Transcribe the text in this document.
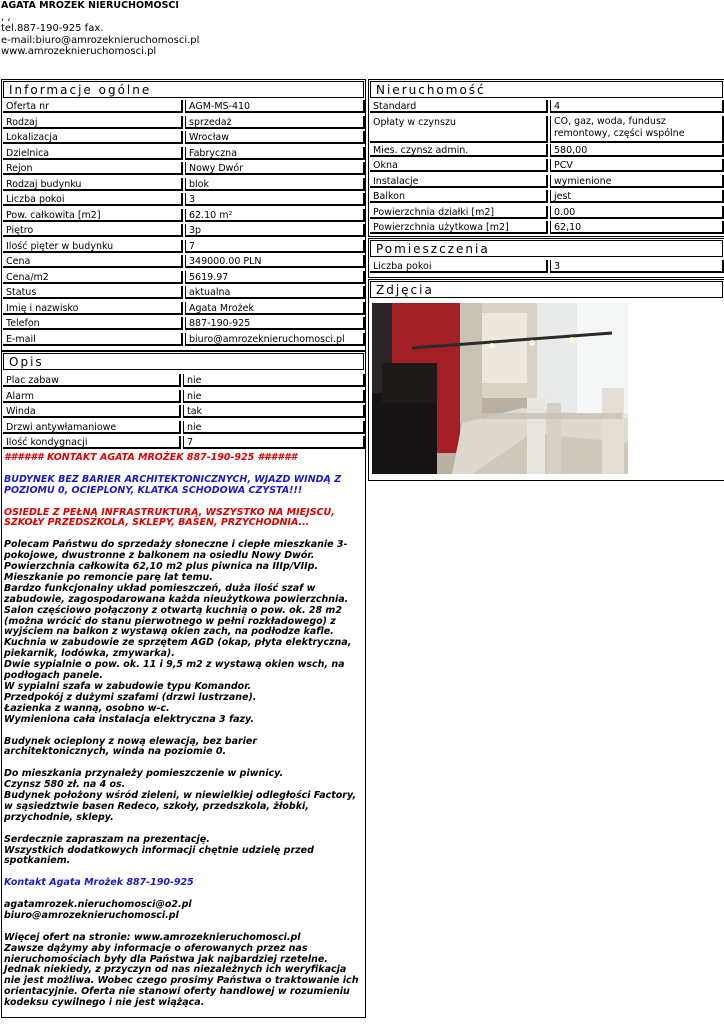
AGATA MROŻEK NIERUCHOMOŚCI
, ,
tel.887-190-925 fax.
e-mail:biuro@amrozeknieruchomosci.pl
www.amrozeknieruchomosci.pl
Informacje ogólne
Oferta nr	AGM-MS-410
Rodzaj	sprzedaż
Lokalizacja	Wrocław
Dzielnica	Fabryczna
Rejon	Nowy Dwór
Rodzaj budynku	blok
Liczba pokoi	3
Pow. całkowita [m2]	62.10 m²
Piętro	3p
Ilość pięter w budynku	7
Cena	349000.00 PLN
Cena/m2	5619.97
Status	aktualna
Imię i nazwisko	Agata Mrożek
Telefon	887-190-925
E-mail	biuro@amrozeknieruchomosci.pl
Opis
Plac zabaw	nie
Alarm	nie
Winda	tak
Drzwi antywłamaniowe	nie
Ilość kondygnacji	7

###### KONTAKT AGATA MROŻEK 887-190-925 ######

BUDYNEK BEZ BARIER ARCHITEKTONICZNYCH, WJAZD WINDĄ Z POZIOMU 0, OCIEPLONY, KLATKA SCHODOWA CZYSTA!!!

OSIEDLE Z PEŁNĄ INFRASTRUKTURĄ, WSZYSTKO NA MIEJSCU, SZKOŁY PRZEDSZKOLA, SKLEPY, BASEN, PRZYCHODNIA...

Polecam Państwu do sprzedaży słoneczne i ciepłe mieszkanie 3-pokojowe, dwustronne z balkonem na osiedlu Nowy Dwór.

Powierzchnia całkowita 62,10 m2 plus piwnica na IIIp/VIIp.

Mieszkanie po remoncie parę lat temu.

Bardzo funkcjonalny układ pomieszczeń, duża ilość szaf w zabudowie, zagospodarowana każda nieużytkowa powierzchnia.

Salon częściowo połączony z otwartą kuchnią o pow. ok. 28 m2 (można wrócić do stanu pierwotnego w pełni rozkładowego) z wyjściem na balkon z wystawą okien zach, na podłodze kafle.

Kuchnia w zabudowie ze sprzętem AGD (okap, płyta elektryczna, piekarnik, lodówka, zmywarka).

Dwie sypialnie o pow. ok. 11 i 9,5 m2 z wystawą okien wsch, na podłogach panele.

W sypialni szafa w zabudowie typu Komandor.

Przedpokój z dużymi szafami (drzwi lustrzane).

Łazienka z wanną, osobno w-c.

Wymieniona cała instalacja elektryczna 3 fazy.

Budynek ocieplony z nową elewacją, bez barier architektonicznych, winda na poziomie 0.

Do mieszkania przynależy pomieszczenie w piwnicy.

Czynsz 580 zł. na 4 os.

Budynek położony wśród zieleni, w niewielkiej odległości Factory, w sąsiedztwie basen Redeco, szkoły, przedszkola, żłobki, przychodnie, sklepy.

Serdecznie zapraszam na prezentację.

Wszystkich dodatkowych informacji chętnie udzielę przed spotkaniem.

Kontakt Agata Mrożek 887-190-925

agatamrozek.nieruchomosci@o2.pl

biuro@amrozeknieruchomosci.pl

Więcej ofert na stronie: www.amrozeknieruchomosci.pl

Zawsze dążymy aby informacje o oferowanych przez nas nieruchomościach były dla Państwa jak najbardziej rzetelne. Jednak niekiedy, z przyczyn od nas niezależnych ich weryfikacja nie jest możliwa. Wobec czego prosimy Państwa o traktowanie ich orientacyjnie. Oferta nie stanowi oferty handlowej w rozumieniu kodeksu cywilnego i nie jest wiążąca.

Nieruchomość
Standard	4
Opłaty w czynszu	CO, gaz, woda, fundusz
remontowy, części wspólne
Mies. czynsz admin.	580,00
Okna	PCV
Instalacje	wymienione
Balkon	jest
Powierzchnia działki [m2]	0.00
Powierzchnia użytkowa [m2]	62,10
Pomieszczenia
Liczba pokoi	3
Zdjęcia
